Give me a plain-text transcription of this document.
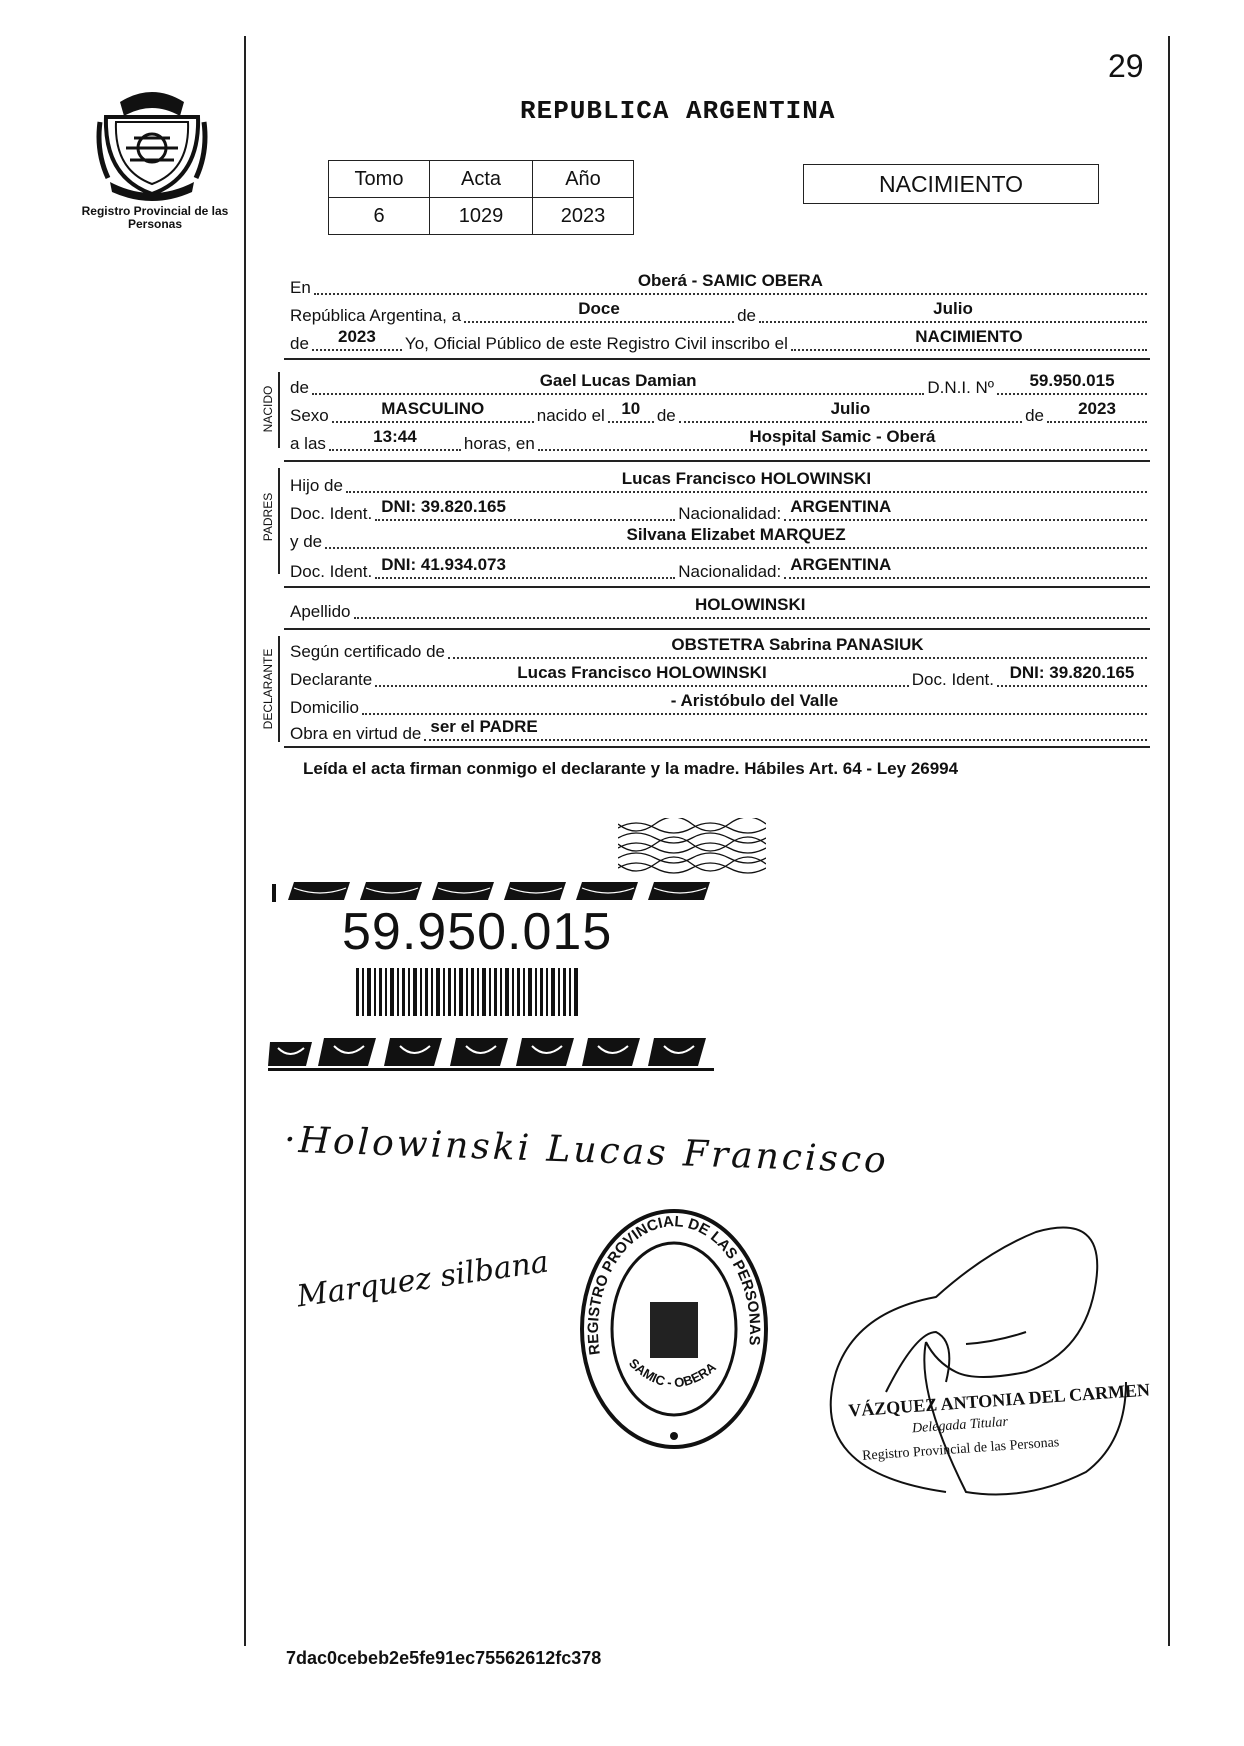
Registro Provincial de las Personas
29
REPUBLICA ARGENTINA
Tomo	Acta	Año
6	1029	2023
NACIMIENTO
En	Oberá - SAMIC OBERA
República Argentina, a	Doce	de	Julio
de	2023	Yo, Oficial Público de este Registro Civil inscribo el	NACIMIENTO
NACIDO de	Gael Lucas Damian	D.N.I. Nº	59.950.015
Sexo	MASCULINO	nacido el 10 de	Julio	de	2023
a las	13:44	horas, en	Hospital Samic - Oberá
PADRES
Hijo de	Lucas Francisco HOLOWINSKI
Doc. Ident. DNI: 39.820.165	Nacionalidad: ARGENTINA
y de	Silvana Elizabet MARQUEZ
Doc. Ident. DNI: 41.934.073	Nacionalidad: ARGENTINA
Apellido	HOLOWINSKI
DECLARANTE Según certificado de	OBSTETRA Sabrina PANASIUK
Declarante	Lucas Francisco HOLOWINSKI	Doc. Ident. DNI: 39.820.165
Domicilio	- Aristóbulo del Valle
Obra en virtud de ser el PADRE
Leída el acta firman conmigo el declarante y la madre. Hábiles Art. 64 - Ley 26994
59.950.015
·Holowinski Lucas Francisco
Marquez silbana
REGISTRO PROVINCIAL DE LAS PERSONAS
SAMIC - OBERA
VÁZQUEZ ANTONIA DEL CARMEN
Delegada Titular
Registro Provincial de las Personas
7dac0cebeb2e5fe91ec75562612fc378
